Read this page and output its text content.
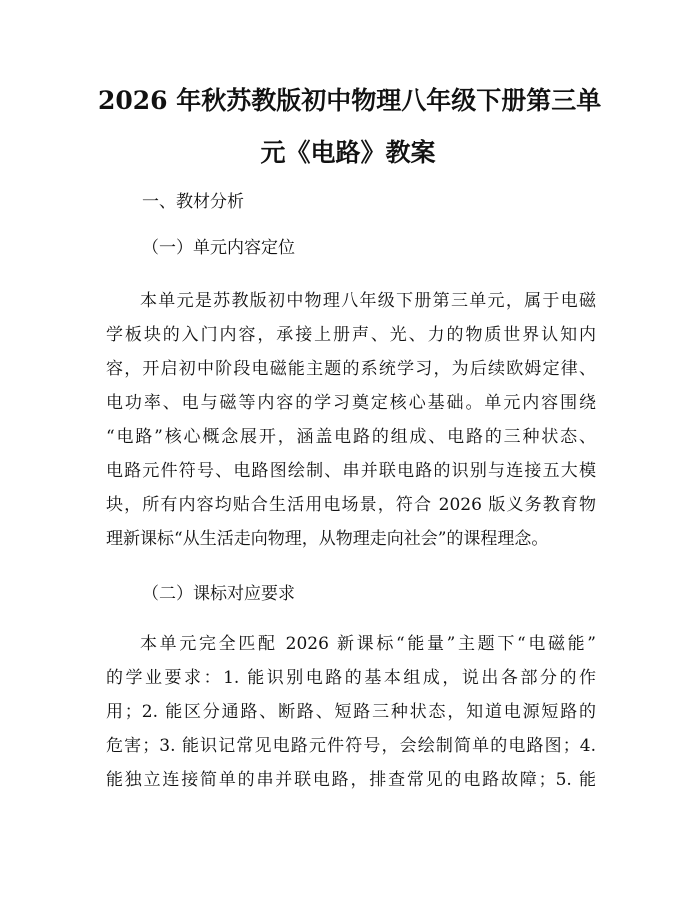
2026 年秋苏教版初中物理八年级下册第三单
元《电路》教案

一、教材分析

（一）单元内容定位

本单元是苏教版初中物理八年级下册第三单元，属于电磁
学板块的入门内容，承接上册声、光、力的物质世界认知内
容，开启初中阶段电磁能主题的系统学习，为后续欧姆定律、
电功率、电与磁等内容的学习奠定核心基础。单元内容围绕
“电路”核心概念展开，涵盖电路的组成、电路的三种状态、
电路元件符号、电路图绘制、串并联电路的识别与连接五大模
块，所有内容均贴合生活用电场景，符合 2026 版义务教育物
理新课标“从生活走向物理，从物理走向社会”的课程理念。

（二）课标对应要求

本单元完全匹配 2026 新课标“能量”主题下“电磁能”
的学业要求：1. 能识别电路的基本组成，说出各部分的作
用；2. 能区分通路、断路、短路三种状态，知道电源短路的
危害；3. 能识记常见电路元件符号，会绘制简单的电路图；4.
能独立连接简单的串并联电路，排查常见的电路故障；5. 能
